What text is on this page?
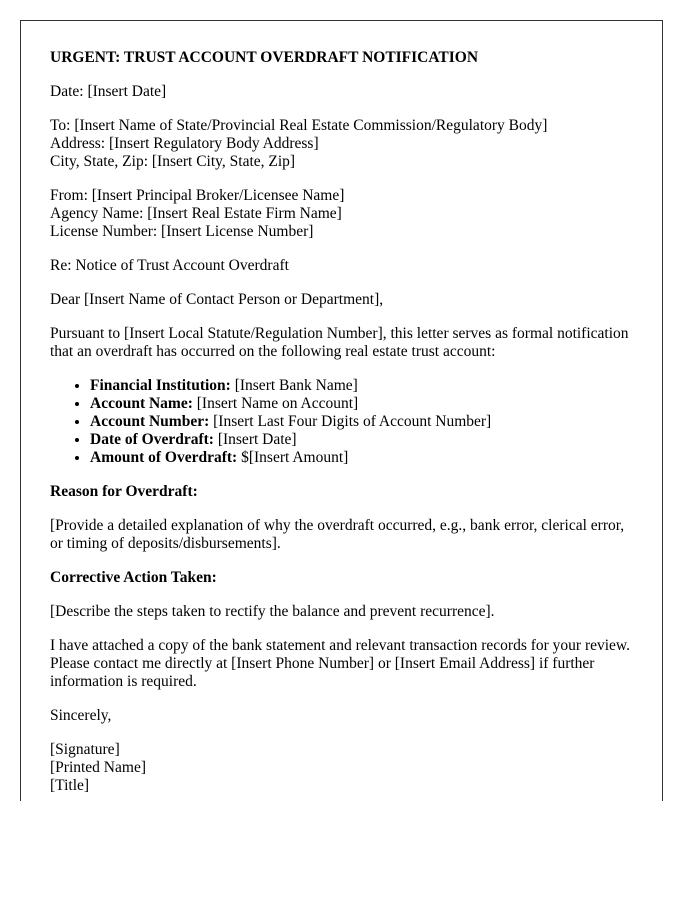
URGENT: TRUST ACCOUNT OVERDRAFT NOTIFICATION

Date: [Insert Date]

To: [Insert Name of State/Provincial Real Estate Commission/Regulatory Body]
Address: [Insert Regulatory Body Address]
City, State, Zip: [Insert City, State, Zip]

From: [Insert Principal Broker/Licensee Name]
Agency Name: [Insert Real Estate Firm Name]
License Number: [Insert License Number]

Re: Notice of Trust Account Overdraft

Dear [Insert Name of Contact Person or Department],

Pursuant to [Insert Local Statute/Regulation Number], this letter serves as formal notification that an overdraft has occurred on the following real estate trust account:

• Financial Institution: [Insert Bank Name]
• Account Name: [Insert Name on Account]
• Account Number: [Insert Last Four Digits of Account Number]
• Date of Overdraft: [Insert Date]
• Amount of Overdraft: $[Insert Amount]

Reason for Overdraft:

[Provide a detailed explanation of why the overdraft occurred, e.g., bank error, clerical error, or timing of deposits/disbursements].

Corrective Action Taken:

[Describe the steps taken to rectify the balance and prevent recurrence].

I have attached a copy of the bank statement and relevant transaction records for your review. Please contact me directly at [Insert Phone Number] or [Insert Email Address] if further information is required.

Sincerely,

[Signature]
[Printed Name]
[Title]
